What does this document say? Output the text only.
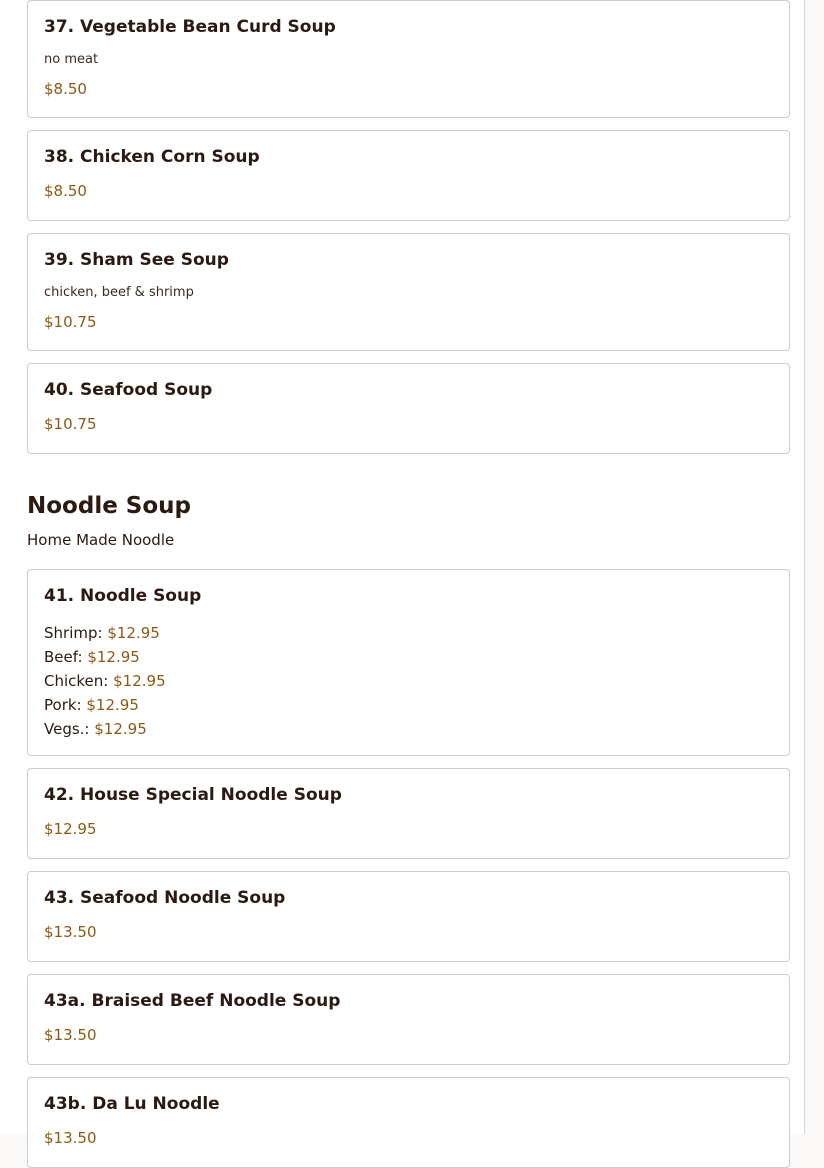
37. Vegetable Bean Curd Soup
no meat
$8.50
38. Chicken Corn Soup
$8.50
39. Sham See Soup
chicken, beef & shrimp
$10.75
40. Seafood Soup
$10.75
Noodle Soup
Home Made Noodle
41. Noodle Soup
Shrimp: $12.95
Beef: $12.95
Chicken: $12.95
Pork: $12.95
Vegs.: $12.95
42. House Special Noodle Soup
$12.95
43. Seafood Noodle Soup
$13.50
43a. Braised Beef Noodle Soup
$13.50
43b. Da Lu Noodle
$13.50
